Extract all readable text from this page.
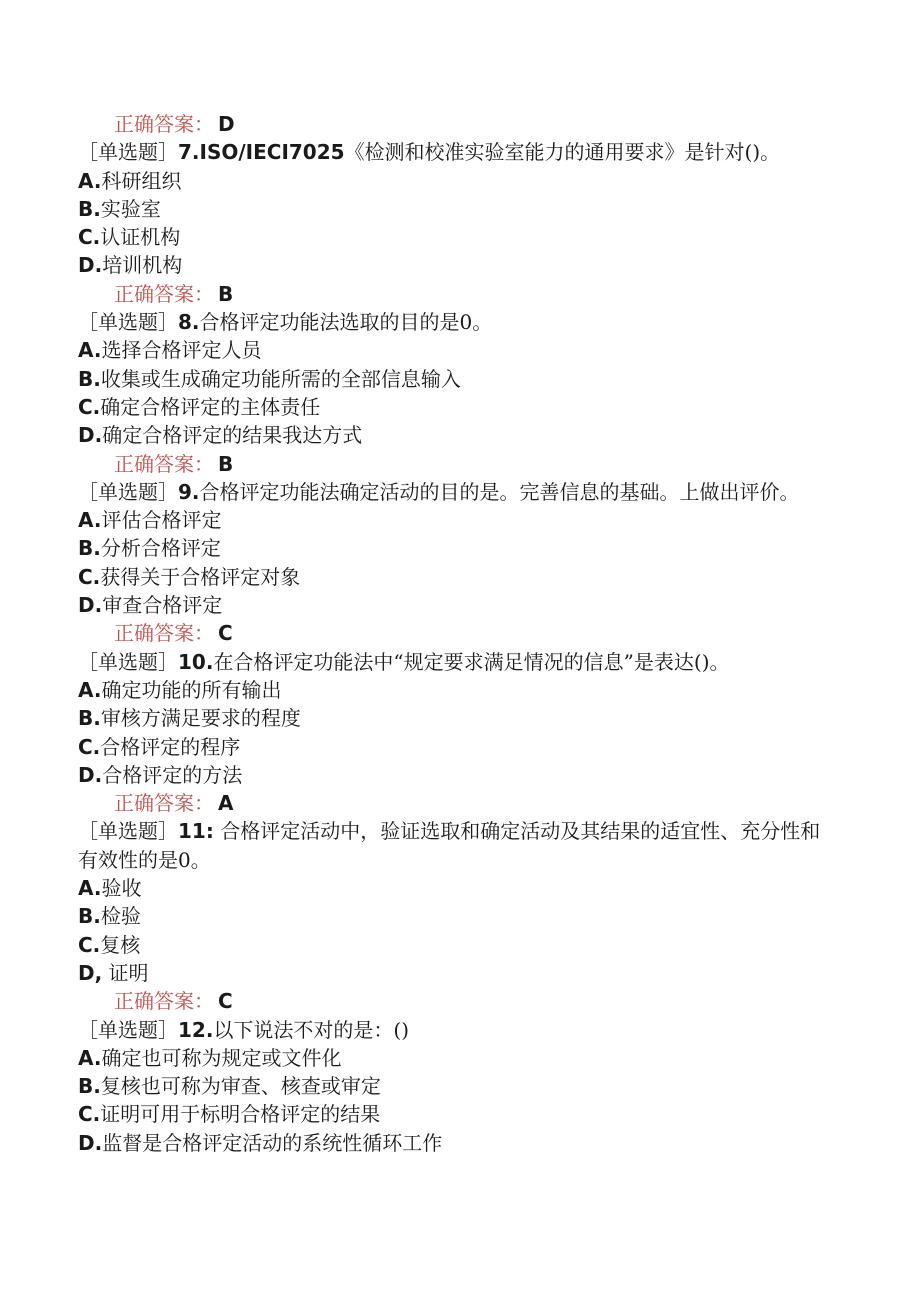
正确答案： D
［单选题］7.ISO/IECI7025《检测和校准实验室能力的通用要求》是针对()。
A.科研组织
B.实验室
C.认证机构
D.培训机构
正确答案： B
［单选题］8.合格评定功能法选取的目的是0。
A.选择合格评定人员
B.收集或生成确定功能所需的全部信息输入
C.确定合格评定的主体责任
D.确定合格评定的结果我达方式
正确答案： B
［单选题］9.合格评定功能法确定活动的目的是。完善信息的基础。上做出评价。
A.评估合格评定
B.分析合格评定
C.获得关于合格评定对象
D.审查合格评定
正确答案： C
［单选题］10.在合格评定功能法中“规定要求满足情况的信息”是表达()。
A.确定功能的所有输出
B.审核方满足要求的程度
C.合格评定的程序
D.合格评定的方法
正确答案： A
［单选题］11: 合格评定活动中，验证选取和确定活动及其结果的适宜性、充分性和有效性的是0。
A.验收
B.检验
C.复核
D, 证明
正确答案： C
［单选题］12.以下说法不对的是：()
A.确定也可称为规定或文件化
B.复核也可称为审查、核查或审定
C.证明可用于标明合格评定的结果
D.监督是合格评定活动的系统性循环工作
